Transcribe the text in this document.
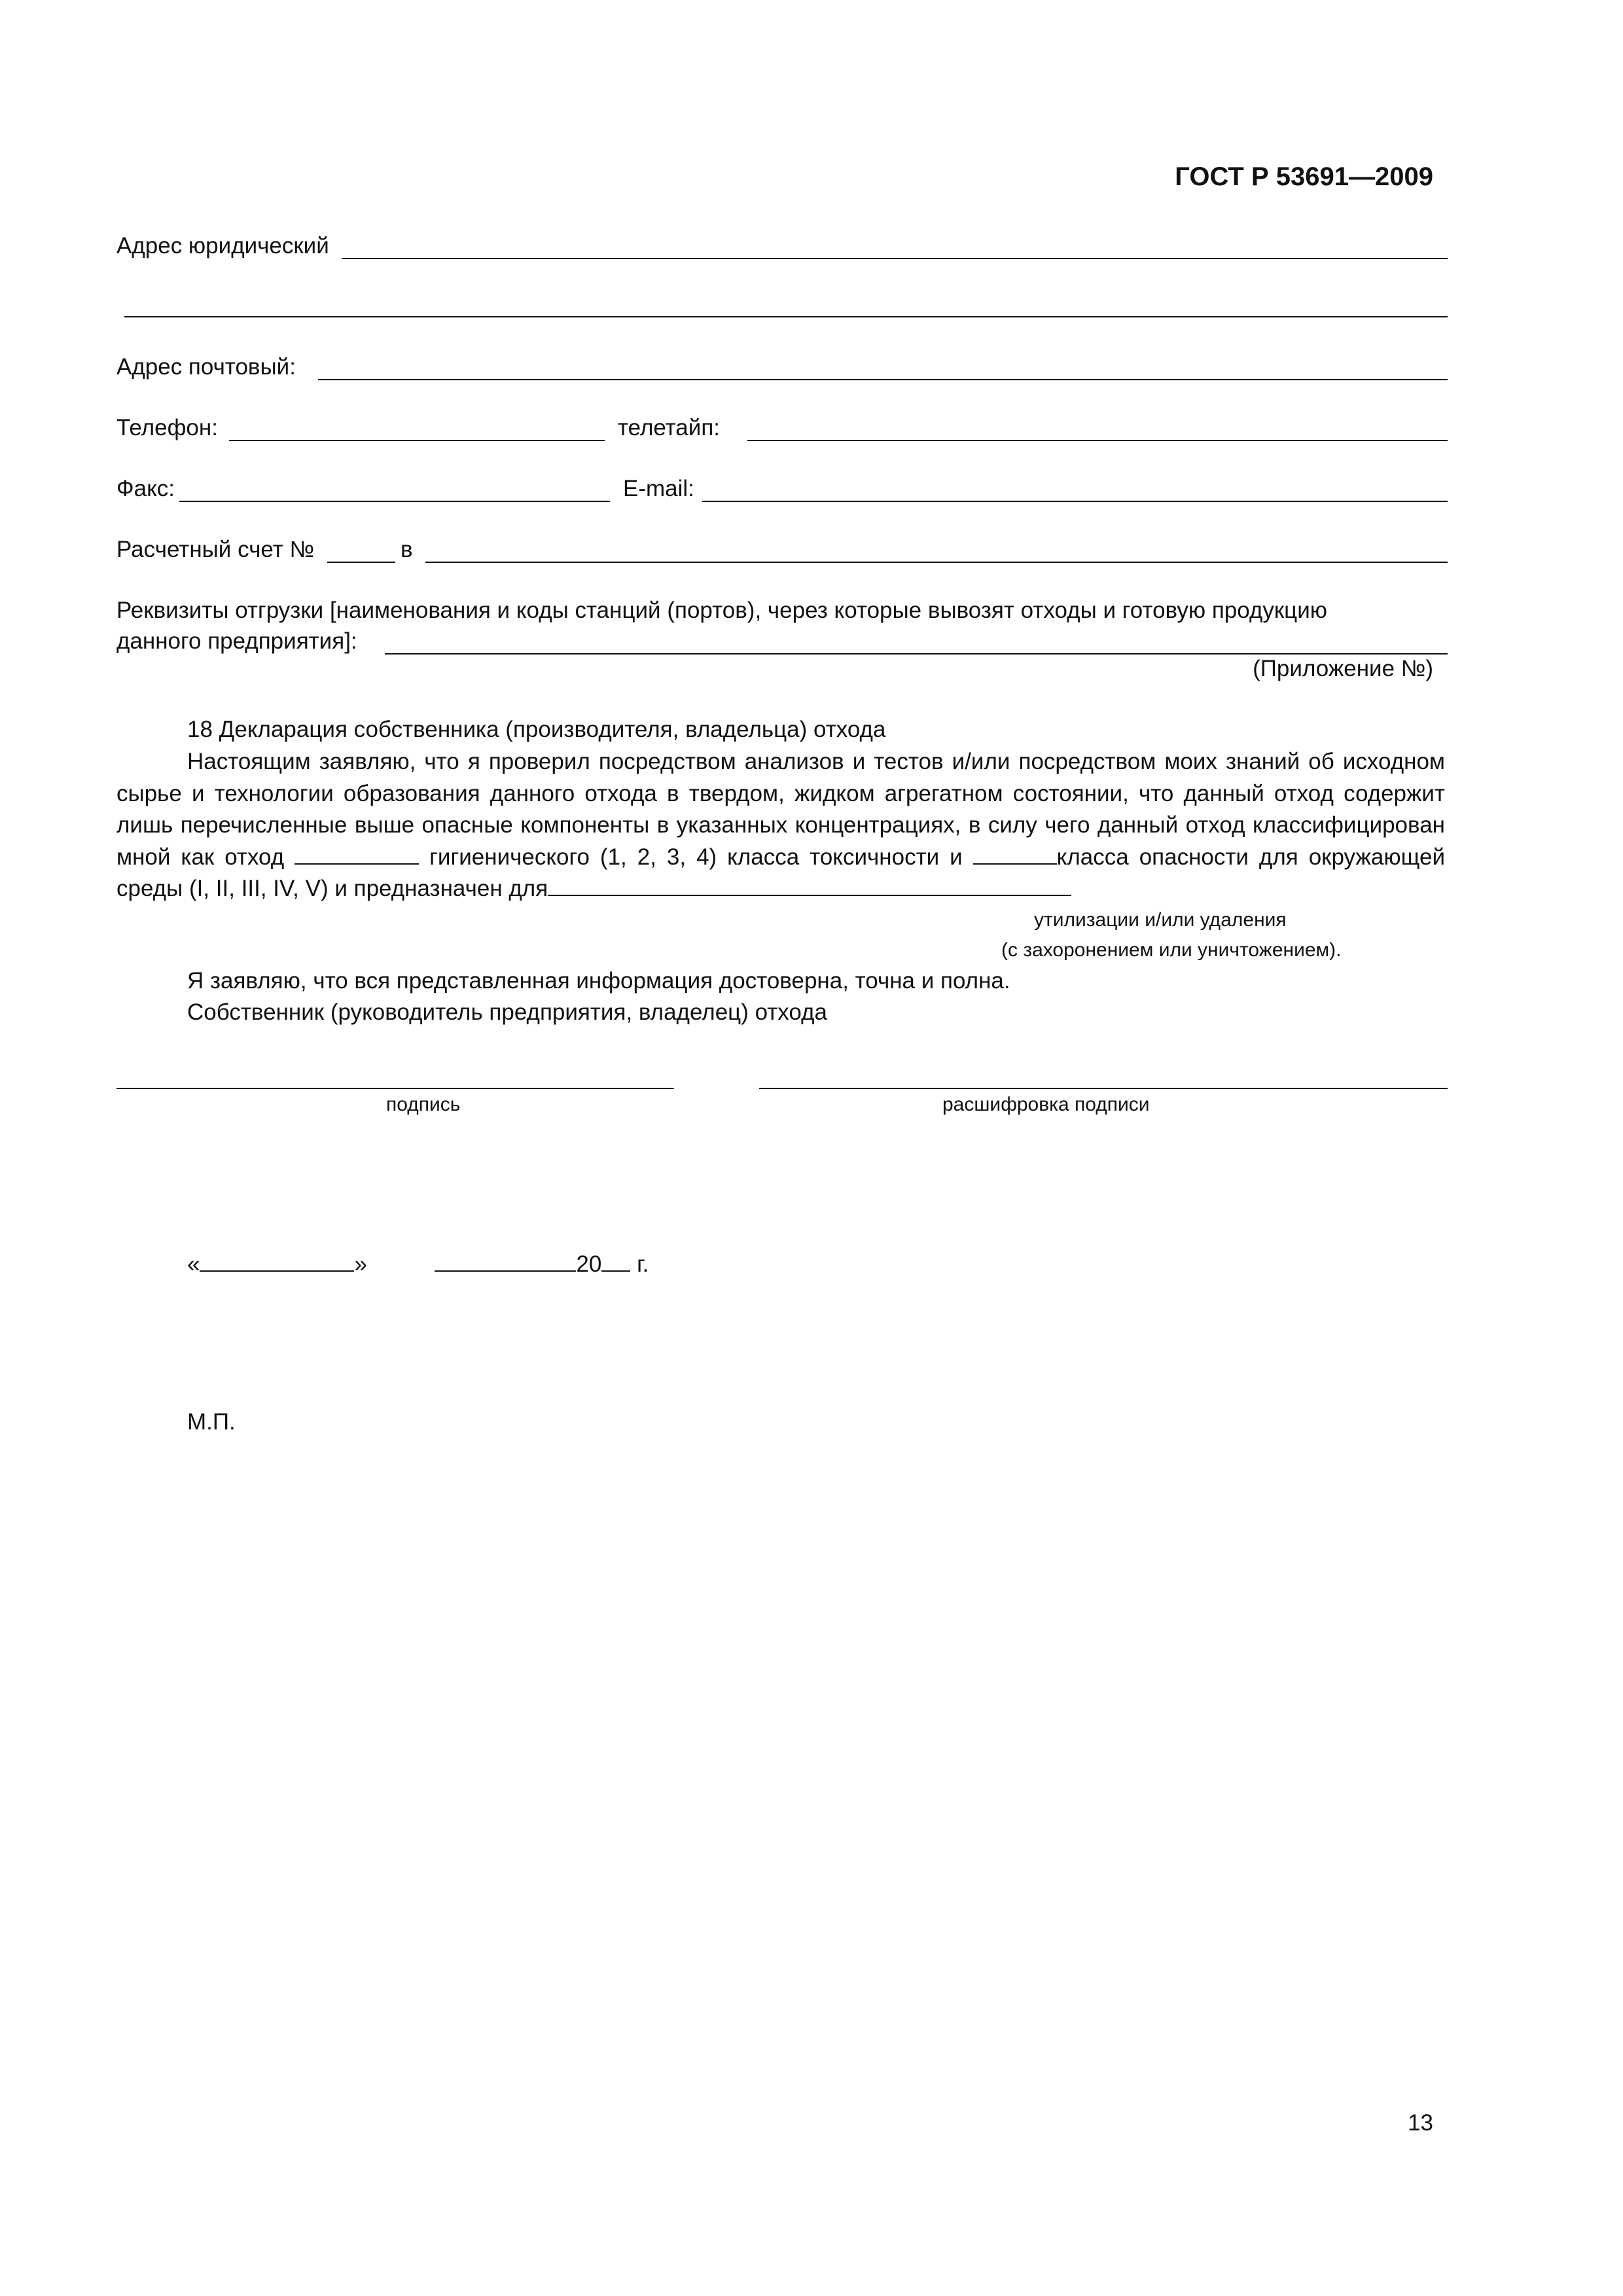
ГОСТ Р 53691—2009
Адрес юридический
Адрес почтовый:
Телефон:	телетайп:
Факс:	E-mail:
Расчетный счет №	в
Реквизиты отгрузки [наименования и коды станций (портов), через которые вывозят отходы и готовую продукцию
данного предприятия]:
(Приложение №)
18 Декларация собственника (производителя, владельца) отхода
Настоящим заявляю, что я проверил посредством анализов и тестов и/или посредством моих знаний об исходном сырье и технологии образования данного отхода в твердом, жидком агрегатном состоянии, что данный отход содержит лишь перечисленные выше опасные компоненты в указанных концентрациях, в силу чего данный отход классифицирован мной как отход	гигиенического (1, 2, 3, 4) класса токсичности и	класса опасности для окружающей среды (I, II, III, IV, V) и предназначен для
утилизации и/или удаления
(с захоронением или уничтожением).
Я заявляю, что вся представленная информация достоверна, точна и полна.
Собственник (руководитель предприятия, владелец) отхода
подпись	расшифровка подписи
«	»	20 г.
М.П.
13
